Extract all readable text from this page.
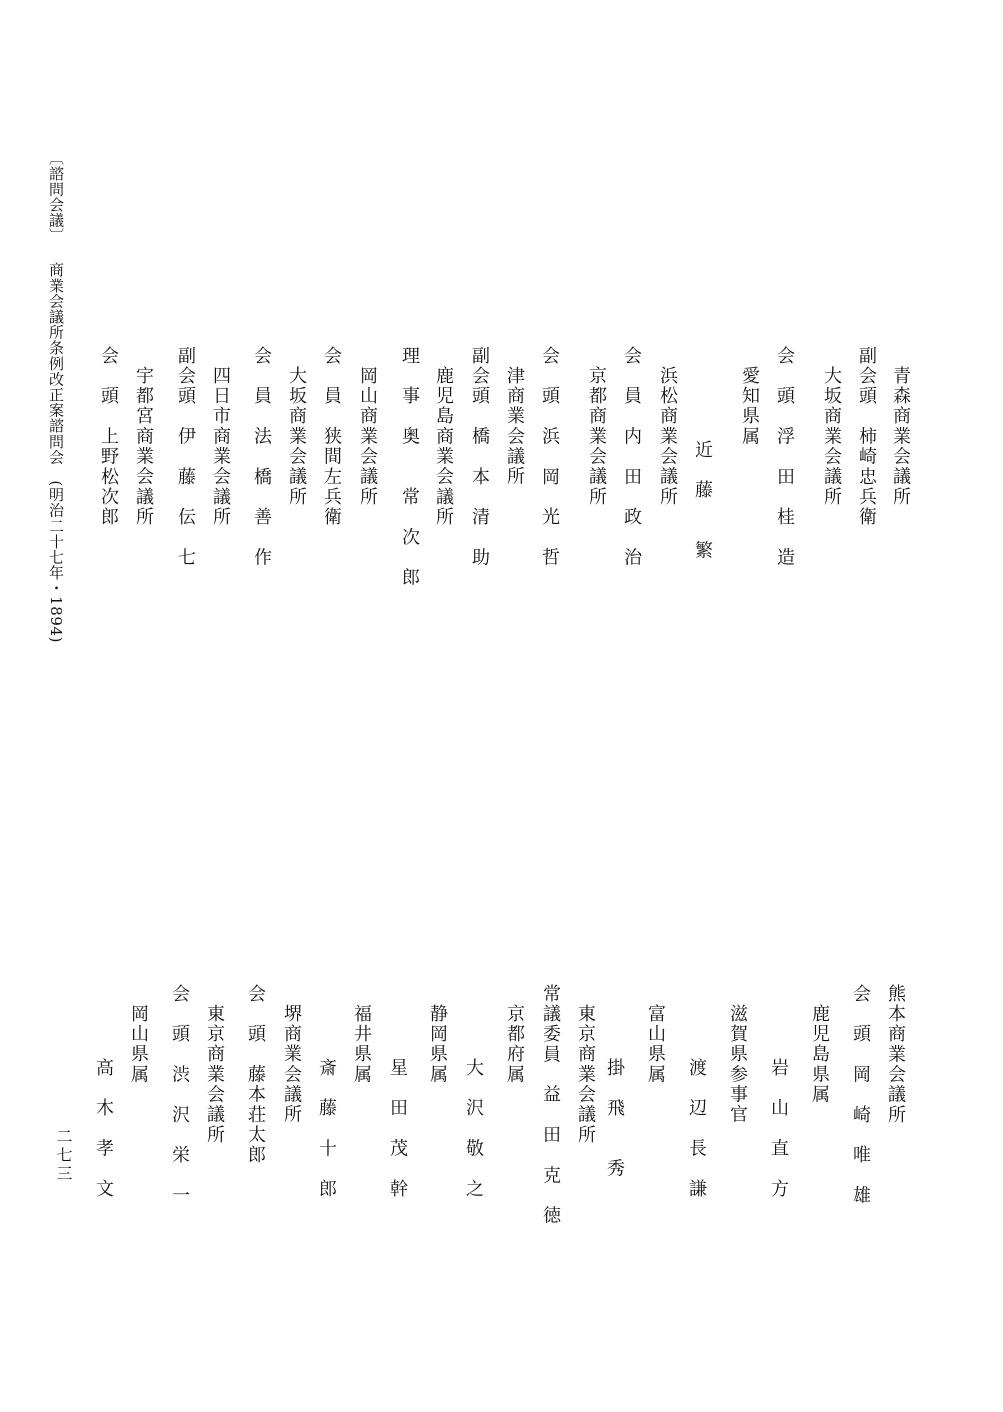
青森商業会議所
副会頭　柿崎忠兵衛
大坂商業会議所
会　頭　浮　田　桂　造
愛知県属
近　藤　　繁
浜松商業会議所
会　員　内　田　政　治
京都商業会議所
会　頭　浜　岡　光　哲
津商業会議所
副会頭　橋　本　清　助
鹿児島商業会議所
理　事　奥　　常　次　郎
岡山商業会議所
会　員　狭間左兵衛
大坂商業会議所
会　員　法　橋　善　作
四日市商業会議所
副会頭　伊　藤　伝　七
宇都宮商業会議所
会　頭　上野松次郎
熊本商業会議所
会　頭　岡　崎　唯　雄
鹿児島県属
岩　山　直　方
滋賀県参事官
渡　辺　長　謙
富山県属
掛　飛　　秀
東京商業会議所
常議委員　益　田　克　徳
京都府属
大　沢　敬　之
静岡県属
星　田　茂　幹
福井県属
斎　藤　十　郎
堺商業会議所
会　頭　藤本荘太郎
東京商業会議所
会　頭　渋　沢　栄　一
岡山県属
高　木　孝　文
〔諮問会議〕
商業会議所条例改正案諮問会　(明治二十七年・1894)
二七三
